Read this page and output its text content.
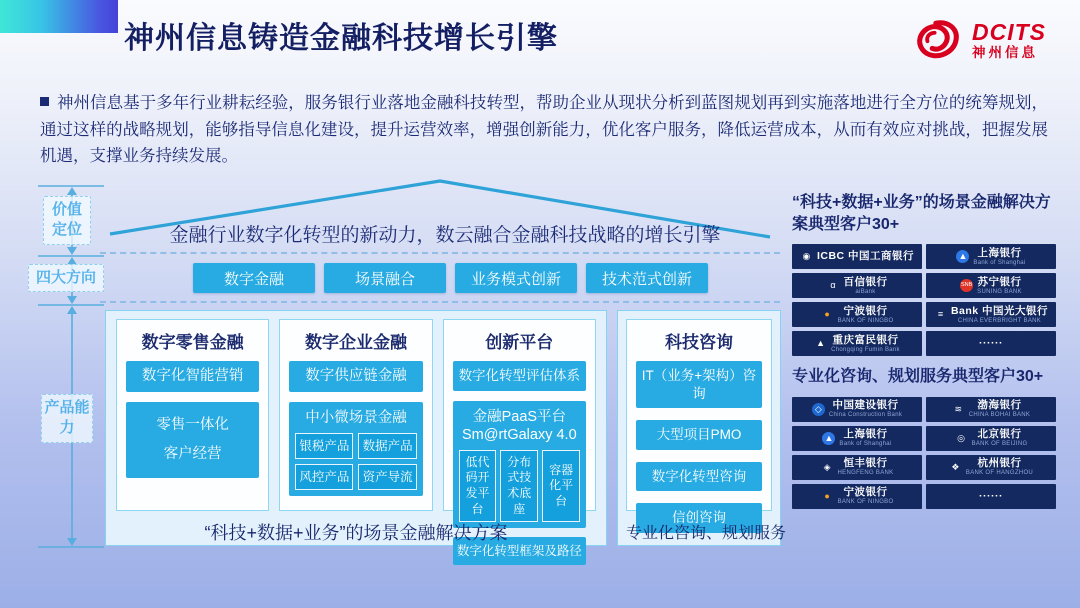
神州信息铸造金融科技增长引擎	DCITS
神州信息
神州信息基于多年行业耕耘经验，服务银行业落地金融科技转型，帮助企业从现状分析到蓝图规划再到实施落地进行全方位的统筹规划，通过这样的战略规划，能够指导信息化建设，提升运营效率，增强创新能力，优化客户服务，降低运营成本，从而有效应对挑战，把握发展机遇，支撑业务持续发展。
价值定位
四大方向
产品能力
金融行业数字化转型的新动力，数云融合金融科技战略的增长引擎
数字金融	场景融合	业务模式创新	技术范式创新
数字零售金融
数字化智能营销
零售一体化
客户经营
数字企业金融
数字供应链金融
中小微场景金融
银税产品 数据产品
风控产品 资产导流
创新平台
数字化转型评估体系
金融PaaS平台
Sm@rtGalaxy 4.0
低代码开发平台
分布式技术底座
容器化平台
数字化转型框架及路径
“科技+数据+业务”的场景金融解决方案
科技咨询
IT（业务+架构）咨询
大型项目PMO
数字化转型咨询
信创咨询
专业化咨询、规划服务
“科技+数据+业务”的场景金融解决方案典型客户30+
◉ ICBC 中国工商银行	▲ 上海银行
Bank of Shanghai
α 百信银行
aiBank
SNB 苏宁银行
SUNING BANK
●	宁波银行
BANK OF NINGBO
≡ Bank 中国光大银行
CHINA EVERBRIGHT BANK
▲ 重庆富民银行
Chongqing Fumin Bank
······
专业化咨询、规划服务典型客户30+
◇ 中国建设银行
China Construction Bank
≋ 渤海银行
CHINA BOHAI BANK
▲ 上海银行
Bank of Shanghai
◎ 北京银行
BANK OF BEIJING
◈ 恒丰银行
HENGFENG BANK
❖ 杭州银行
BANK OF HANGZHOU
●	宁波银行
BANK OF NINGBO
······
